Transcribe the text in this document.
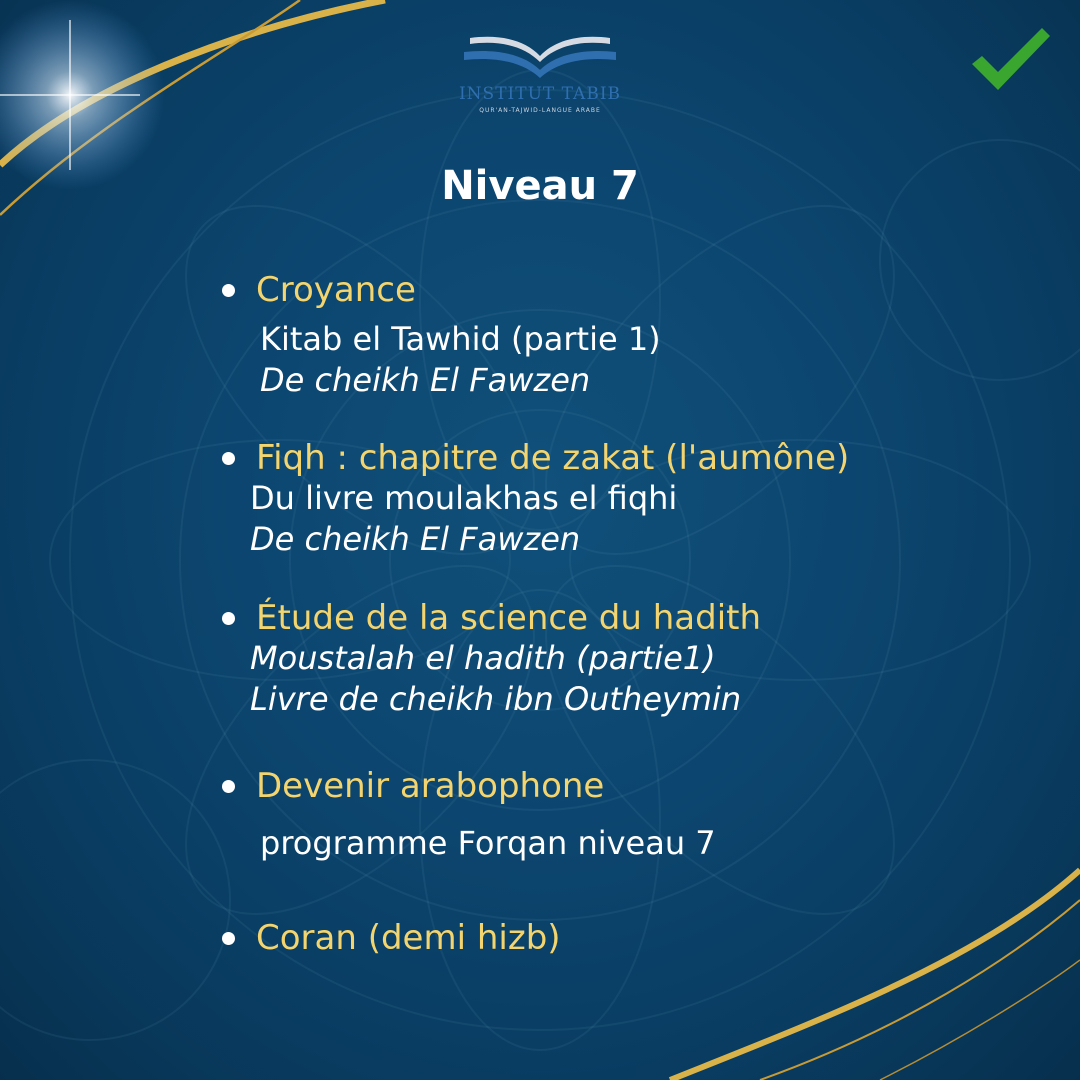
INSTITUT TABIB
QUR'AN-TAJWID-LANGUE ARABE
Niveau 7
Croyance
Kitab el Tawhid (partie 1)
De cheikh El Fawzen
Fiqh : chapitre de zakat (l'aumône)
Du livre moulakhas el fiqhi
De cheikh El Fawzen
Étude de la science du hadith
Moustalah el hadith (partie1)
Livre de cheikh ibn Outheymin
Devenir arabophone
programme Forqan niveau 7
Coran (demi hizb)
